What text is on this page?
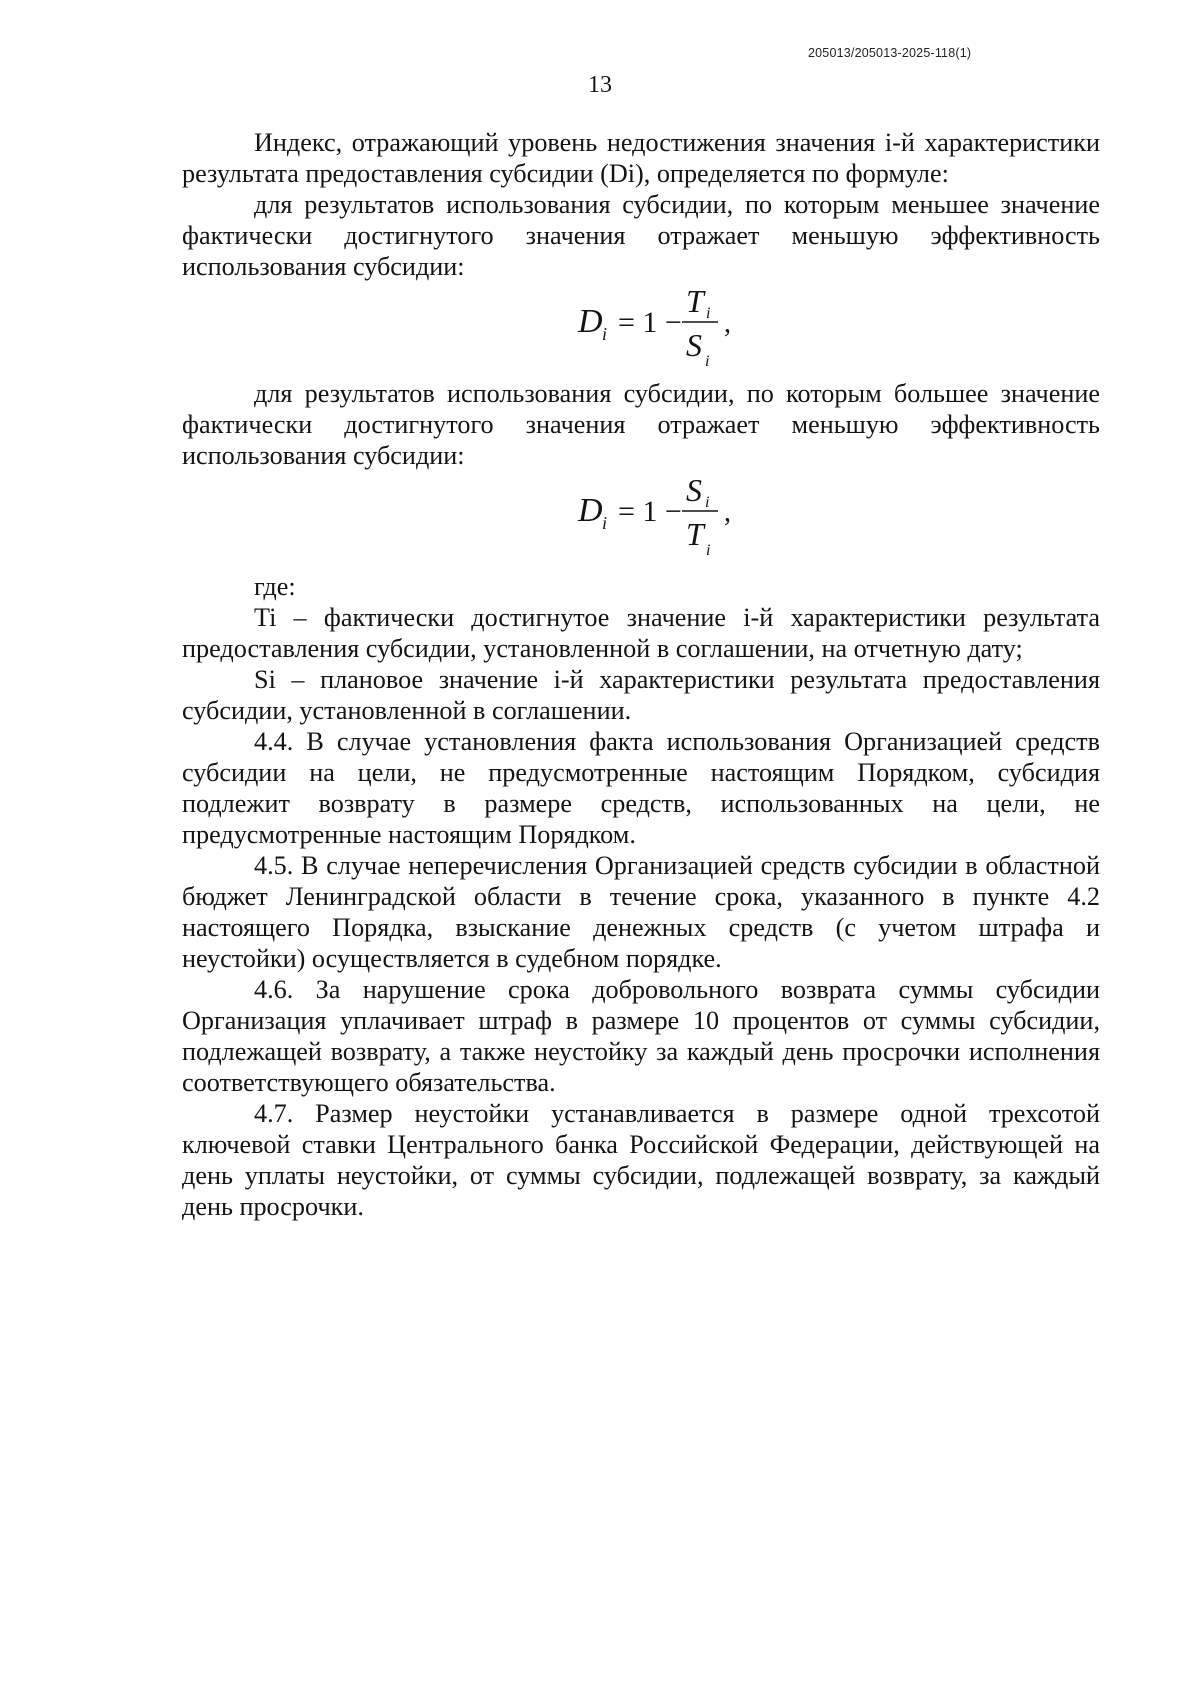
205013/205013-2025-118(1)
13

Индекс, отражающий уровень недостижения значения i-й характеристики результата предоставления субсидии (Di), определяется по формуле:

для результатов использования субсидии, по которым меньшее значение фактически достигнутого значения отражает меньшую эффективность использования субсидии:

D i = 1 −
T i
S i
,

для результатов использования субсидии, по которым большее значение фактически достигнутого значения отражает меньшую эффективность использования субсидии:

D i = 1 −
S i
T i
,

где:

Ti – фактически достигнутое значение i-й характеристики результата предоставления субсидии, установленной в соглашении, на отчетную дату;

Si – плановое значение i-й характеристики результата предоставления субсидии, установленной в соглашении.

4.4. В случае установления факта использования Организацией средств субсидии на цели, не предусмотренные настоящим Порядком, субсидия подлежит возврату в размере средств, использованных на цели, не предусмотренные настоящим Порядком.

4.5. В случае неперечисления Организацией средств субсидии в областной бюджет Ленинградской области в течение срока, указанного в пункте 4.2 настоящего Порядка, взыскание денежных средств (с учетом штрафа и неустойки) осуществляется в судебном порядке.

4.6. За нарушение срока добровольного возврата суммы субсидии Организация уплачивает штраф в размере 10 процентов от суммы субсидии, подлежащей возврату, а также неустойку за каждый день просрочки исполнения соответствующего обязательства.

4.7. Размер неустойки устанавливается в размере одной трехсотой ключевой ставки Центрального банка Российской Федерации, действующей на день уплаты неустойки, от суммы субсидии, подлежащей возврату, за каждый день просрочки.
